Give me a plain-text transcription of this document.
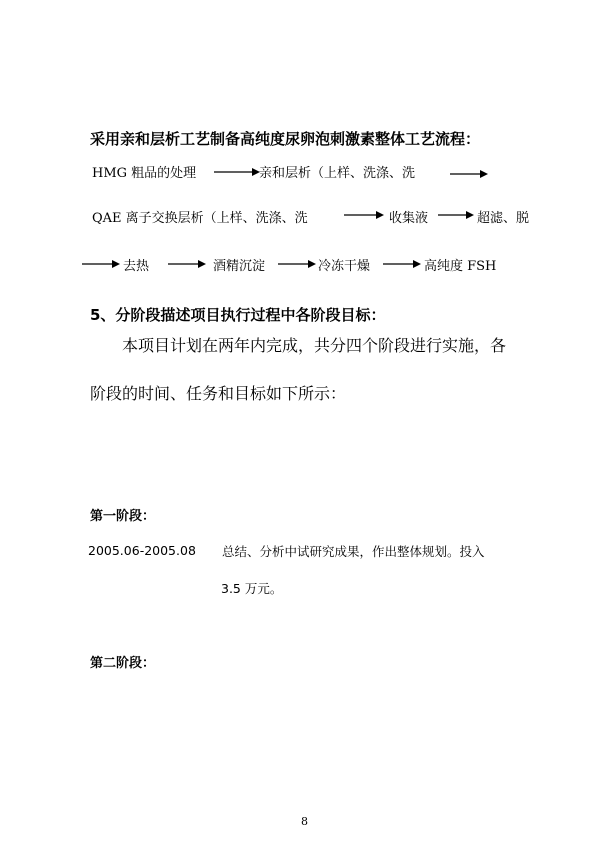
采用亲和层析工艺制备高纯度尿卵泡刺激素整体工艺流程：
HMG 粗品的处理	亲和层析（上样、洗涤、洗
QAE 离子交换层析（上样、洗涤、洗	收集液	超滤、脱
去热	酒精沉淀	冷冻干燥	高纯度 FSH
5、分阶段描述项目执行过程中各阶段目标：
本项目计划在两年内完成，共分四个阶段进行实施，各
阶段的时间、任务和目标如下所示：
第一阶段：
2005.06-2005.08 总结、分析中试研究成果，作出整体规划。投入
3.5 万元。
第二阶段：
8
